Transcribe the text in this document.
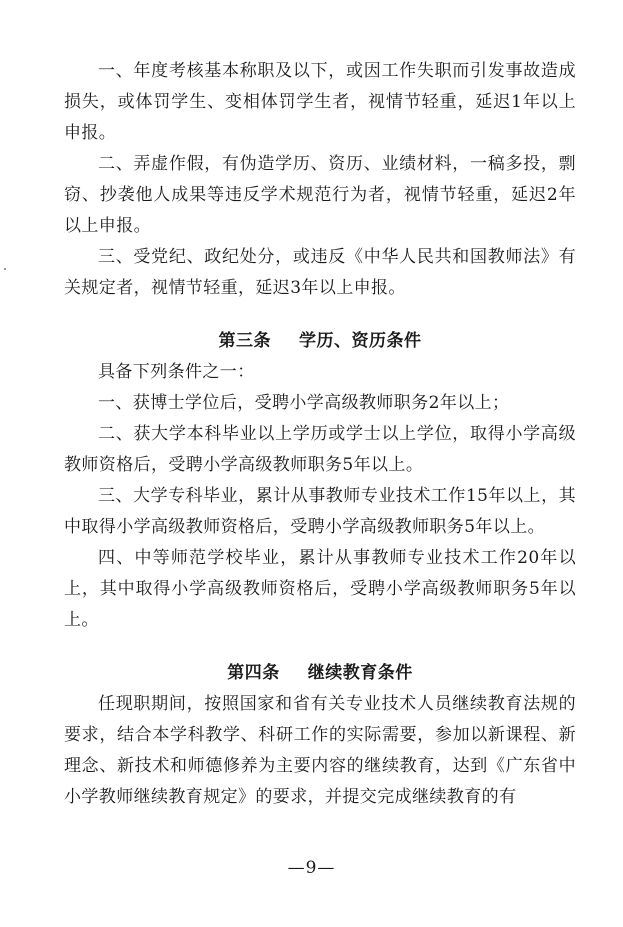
一、年度考核基本称职及以下，或因工作失职而引发事故造成损失，或体罚学生、变相体罚学生者，视情节轻重，延迟1年以上申报。

二、弄虚作假，有伪造学历、资历、业绩材料，一稿多投，剽窃、抄袭他人成果等违反学术规范行为者，视情节轻重，延迟2年以上申报。

三、受党纪、政纪处分，或违反《中华人民共和国教师法》有关规定者，视情节轻重，延迟3年以上申报。

第三条 学历、资历条件

具备下列条件之一：

一、获博士学位后，受聘小学高级教师职务2年以上；

二、获大学本科毕业以上学历或学士以上学位，取得小学高级教师资格后，受聘小学高级教师职务5年以上。

三、大学专科毕业，累计从事教师专业技术工作15年以上，其中取得小学高级教师资格后，受聘小学高级教师职务5年以上。

四、中等师范学校毕业，累计从事教师专业技术工作20年以上，其中取得小学高级教师资格后，受聘小学高级教师职务5年以上。

第四条 继续教育条件

任现职期间，按照国家和省有关专业技术人员继续教育法规的要求，结合本学科教学、科研工作的实际需要，参加以新课程、新理念、新技术和师德修养为主要内容的继续教育，达到《广东省中小学教师继续教育规定》的要求，并提交完成继续教育的有

—9—
